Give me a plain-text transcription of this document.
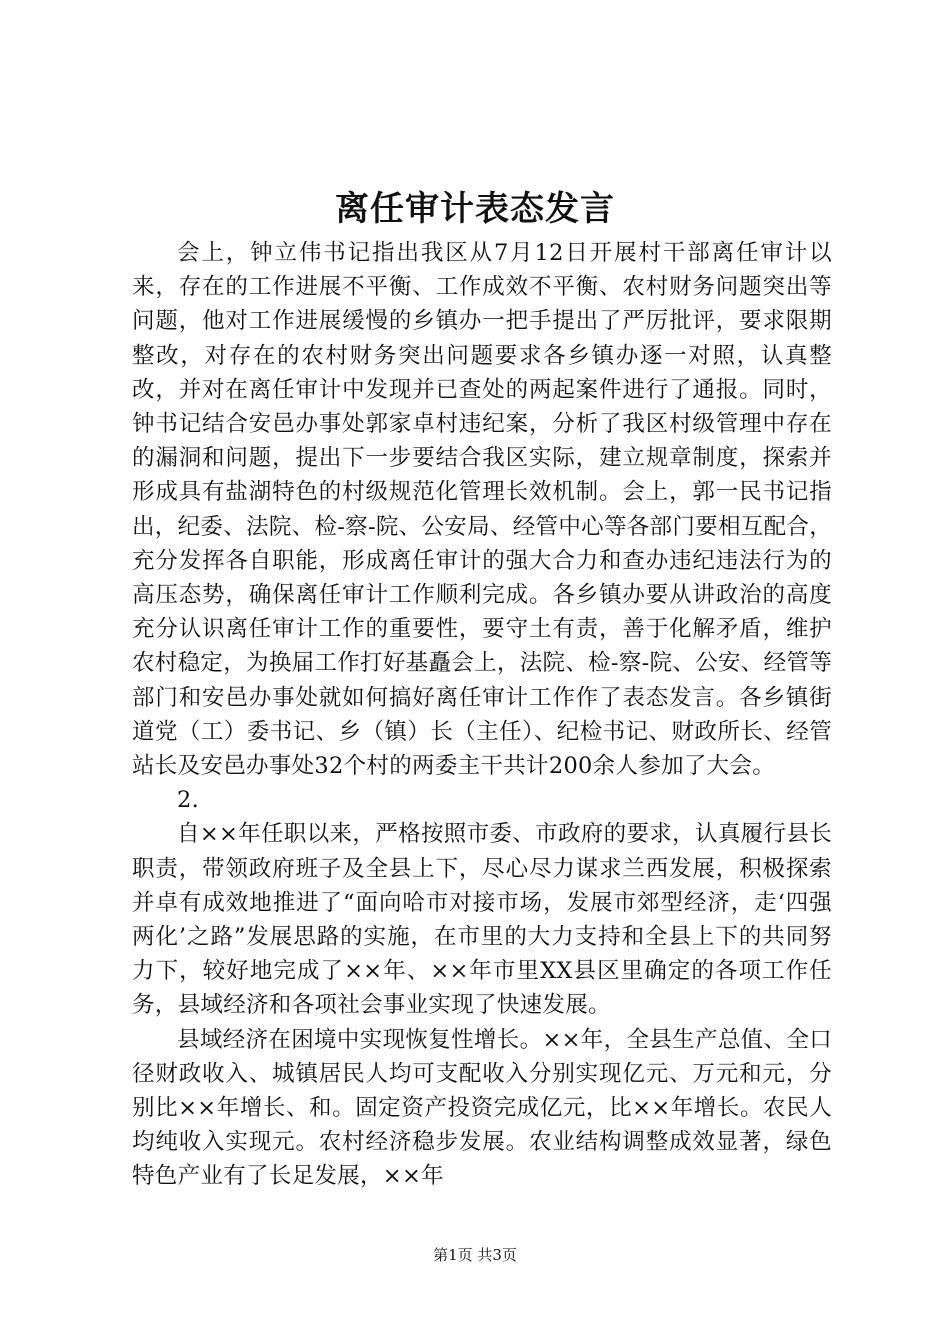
离任审计表态发言

会上，钟立伟书记指出我区从7月12日开展村干部离任审计以来，存在的工作进展不平衡、工作成效不平衡、农村财务问题突出等问题，他对工作进展缓慢的乡镇办一把手提出了严厉批评，要求限期整改，对存在的农村财务突出问题要求各乡镇办逐一对照，认真整改，并对在离任审计中发现并已查处的两起案件进行了通报。同时，钟书记结合安邑办事处郭家卓村违纪案，分析了我区村级管理中存在的漏洞和问题，提出下一步要结合我区实际，建立规章制度，探索并形成具有盐湖特色的村级规范化管理长效机制。会上，郭一民书记指出，纪委、法院、检-察-院、公安局、经管中心等各部门要相互配合，充分发挥各自职能，形成离任审计的强大合力和查办违纪违法行为的高压态势，确保离任审计工作顺利完成。各乡镇办要从讲政治的高度充分认识离任审计工作的重要性，要守土有责，善于化解矛盾，维护农村稳定，为换届工作打好基矗会上，法院、检-察-院、公安、经管等部门和安邑办事处就如何搞好离任审计工作作了表态发言。各乡镇街道党（工）委书记、乡（镇）长（主任）、纪检书记、财政所长、经管站长及安邑办事处32个村的两委主干共计200余人参加了大会。

2.

自××年任职以来，严格按照市委、市政府的要求，认真履行县长职责，带领政府班子及全县上下，尽心尽力谋求兰西发展，积极探索并卓有成效地推进了“面向哈市对接市场，发展市郊型经济，走‘四强两化’之路”发展思路的实施，在市里的大力支持和全县上下的共同努力下，较好地完成了××年、××年市里XX县区里确定的各项工作任务，县域经济和各项社会事业实现了快速发展。

县域经济在困境中实现恢复性增长。××年，全县生产总值、全口径财政收入、城镇居民人均可支配收入分别实现亿元、万元和元，分别比××年增长、和。固定资产投资完成亿元，比××年增长。农民人均纯收入实现元。农村经济稳步发展。农业结构调整成效显著，绿色特色产业有了长足发展，××年

第1页 共3页
